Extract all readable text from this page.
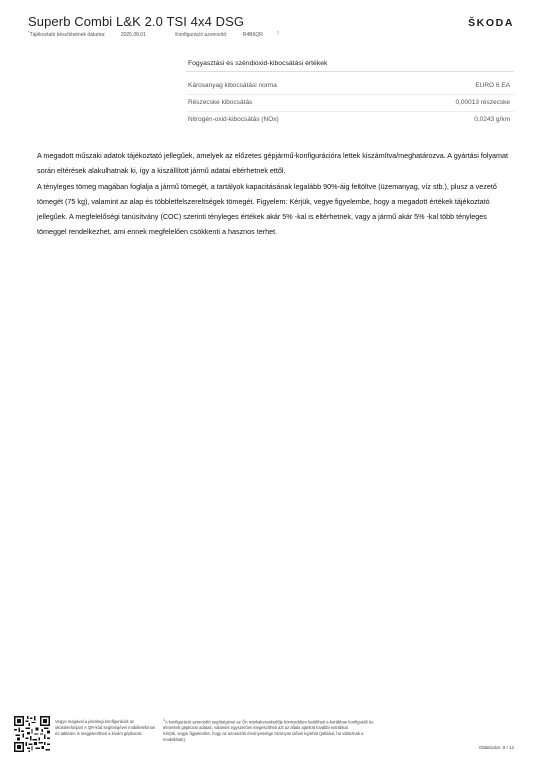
Superb Combi L&K 2.0 TSI 4x4 DSG	ŠKODA
*Tájékoztató készítésének dátuma:	2025.08.01	Konfiguráció azonosító:	$R4B6QR^1$
Fogyasztási és széndioxid-kibocsátási értékek
Károsanyag kibocsátási norma	EURO 6 EA
Részecske kibocsátás	0,00013 részecske
Nitrogén-oxid-kibocsátás (NOx)	0,0243 g/km

A megadott műszaki adatok tájékoztató jellegűek, amelyek az előzetes gépjármű-konfigurációra lettek kiszámítva/meghatározva. A gyártási folyamat során eltérések alakulhatnak ki, így a kiszállított jármű adatai eltérhetnek ettől.

A tényleges tömeg magában foglalja a jármű tömegét, a tartályok kapacitásának legalább 90%-áig feltöltve (üzemanyag, víz stb.), plusz a vezető tömegét (75 kg), valamint az alap és többletfelszereltségek tömegét. Figyelem: Kérjük, vegye figyelembe, hogy a megadott értékek tájékoztató jellegűek. A megfelelőségi tanúsítvány (COC) szerinti tényleges értékek akár 5% -kal is eltérhetnek, vagy a jármű akár 5% -kal több tényleges tömeggel rendelkezhet, ami ennek megfelelően csökkenti a hasznos terhet.

Vegye magával a jelenlegi konfigurációt az okostelefonján! A QR-kód segítségével mobiltelefonon és tableten is megjelenítheti a kívánt gépkocsit.
$^1$A konfiguráció azonosító segítségével az Ön márkakereskedője könnyebben betöltheti a korábban konfigurált és elmentett gépkocsi adatait, valamint egyszerűen kiegészítheti azt az általa ajánlott további extrákkal.
Kérjük, vegye figyelembe, hogy az azonosító érvényessége bizonyos idővel lejárhat (például, ha változnak a modellárak).
Oldalszám: 9 / 12
